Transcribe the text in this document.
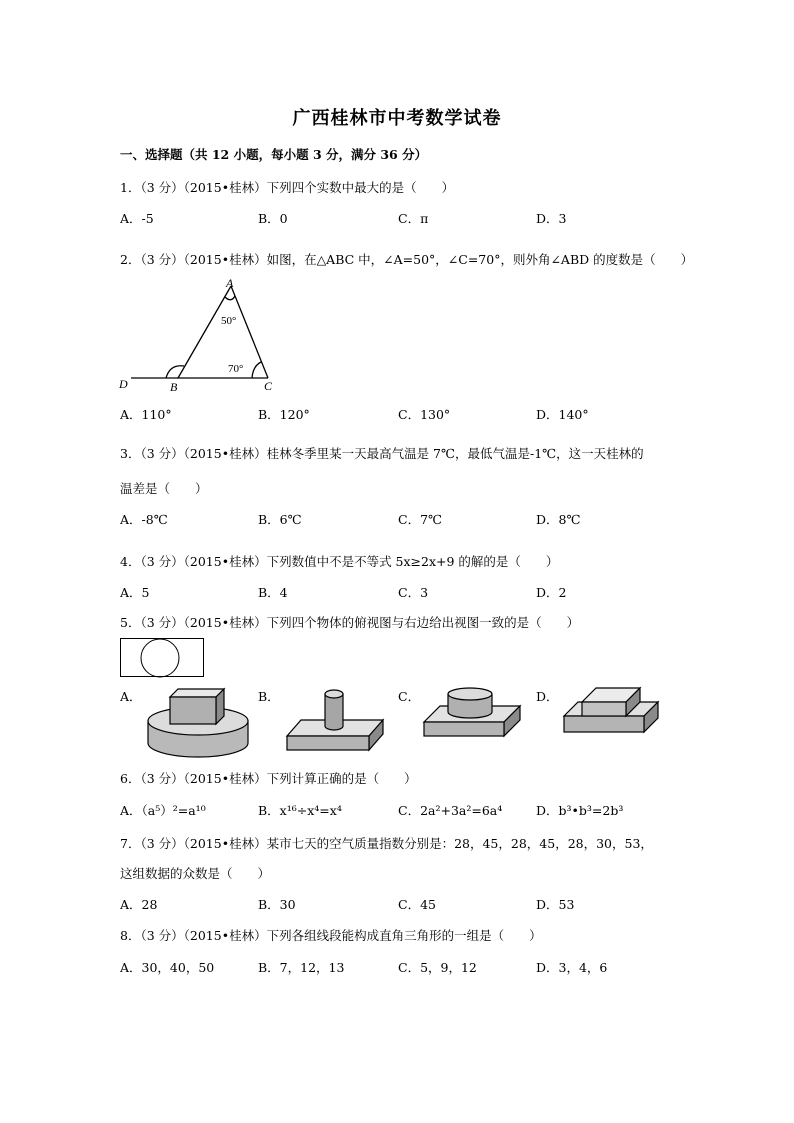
广西桂林市中考数学试卷
一、选择题（共 12 小题，每小题 3 分，满分 36 分）
1．（3 分）（2015•桂林）下列四个实数中最大的是（　　）
A．-5	B．0	C．π	D．3
2．（3 分）（2015•桂林）如图，在△ABC 中，∠A=50°，∠C=70°，则外角∠ABD 的度数是（　　）
A
50°
70°
D	B	C
A．110°	B．120°	C．130°	D．140°
3．（3 分）（2015•桂林）桂林冬季里某一天最高气温是 7℃，最低气温是-1℃，这一天桂林的
温差是（　　）
A．-8℃	B．6℃	C．7℃	D．8℃
4．（3 分）（2015•桂林）下列数值中不是不等式 5x≥2x+9 的解的是（　　）
A．5	B．4	C．3	D．2
5．（3 分）（2015•桂林）下列四个物体的俯视图与右边给出视图一致的是（　　）
A．	B．	C．	D．
6．（3 分）（2015•桂林）下列计算正确的是（　　）
A．（a⁵）²=a¹⁰	B．x¹⁶÷x⁴=x⁴	C．2a²+3a²=6a⁴	D．b³•b³=2b³
7．（3 分）（2015•桂林）某市七天的空气质量指数分别是：28，45，28，45，28，30，53，
这组数据的众数是（　　）
A．28	B．30	C．45	D．53
8．（3 分）（2015•桂林）下列各组线段能构成直角三角形的一组是（　　）
A．30，40，50	B．7，12，13	C．5，9，12	D．3，4，6
